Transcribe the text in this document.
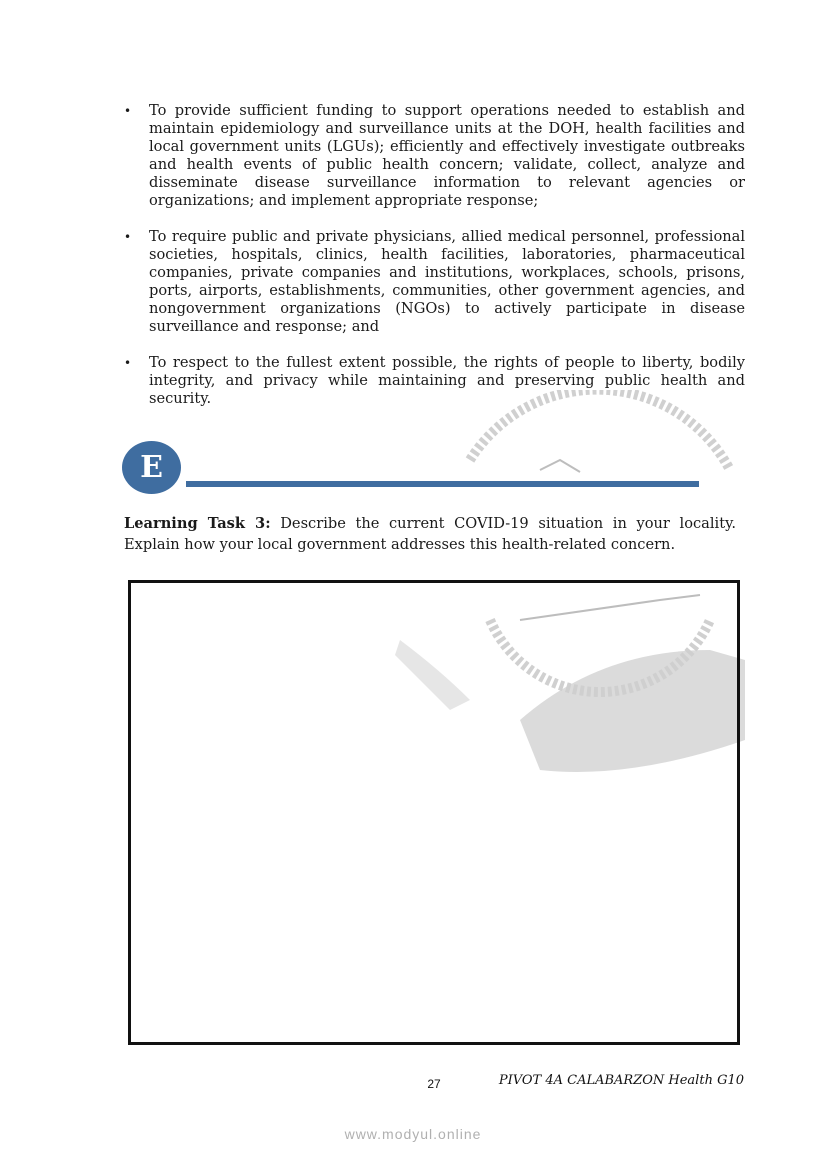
• To provide sufficient funding to support operations needed to establish and maintain epidemiology and surveillance units at the DOH, health facilities and local government units (LGUs); efficiently and effectively investigate outbreaks and health events of public health concern; validate, collect, analyze and disseminate disease surveillance information to relevant agencies or organizations; and implement appropriate response;
• To require public and private physicians, allied medical personnel, professional societies, hospitals, clinics, health facilities, laboratories, pharmaceutical companies, private companies and institutions, workplaces, schools, prisons, ports, airports, establishments, communities, other government agencies, and nongovernment organizations (NGOs) to actively participate in disease surveillance and response; and
• To respect to the fullest extent possible, the rights of people to liberty, bodily integrity, and privacy while maintaining and preserving public health and security.
E
Learning Task 3: Describe the current COVID-19 situation in your locality. Explain how your local government addresses this health-related concern.
27	PIVOT 4A CALABARZON Health G10
www.modyul.online
